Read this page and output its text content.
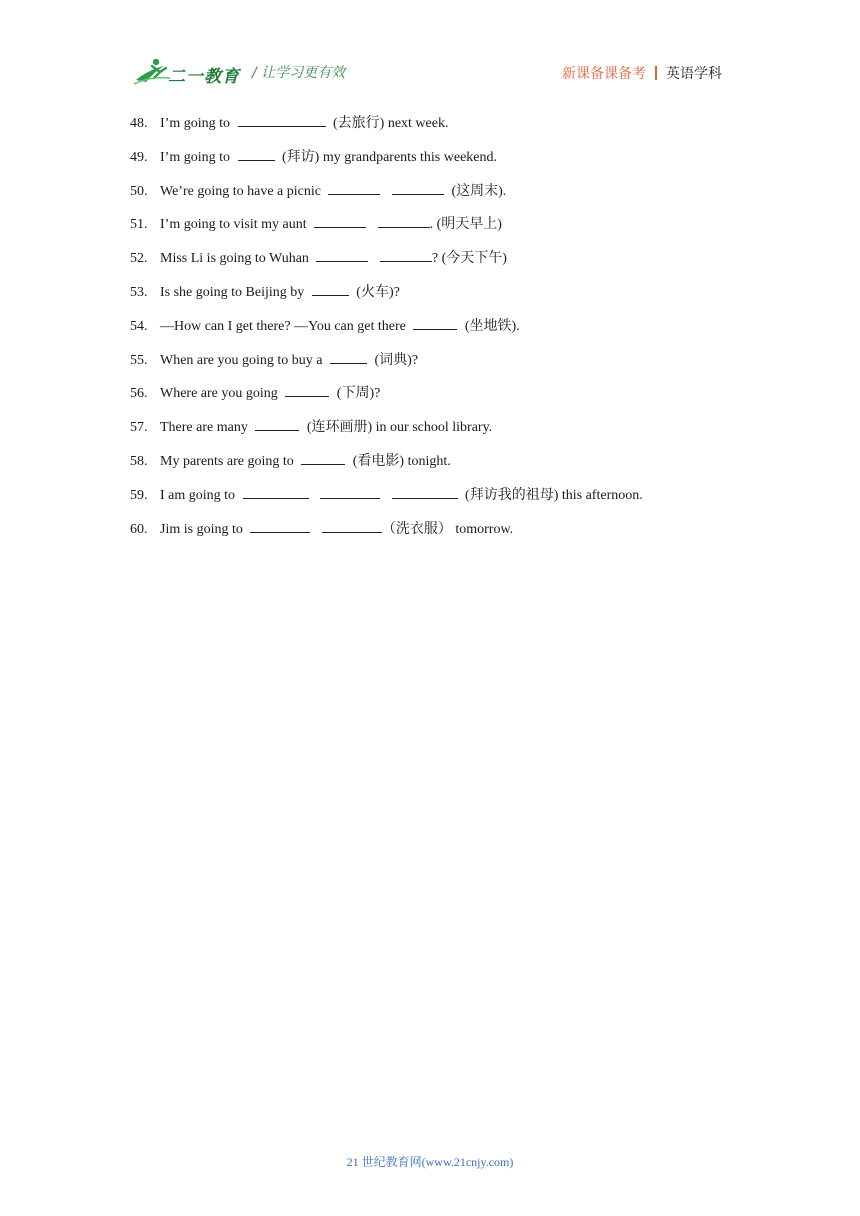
二一教育 / 让学习更有效	新课备课备考 英语学科
48. I’m going to	(去旅行) next week.
49. I’m going to	(拜访) my grandparents this weekend.
50. We’re going to have a picnic	(这周末).
51. I’m going to visit my aunt	. (明天早上)
52. Miss Li is going to Wuhan	? (今天下午)
53. Is she going to Beijing by	(火车)?
54. —How can I get there? —You can get there	(坐地铁).
55. When are you going to buy a	(词典)?
56. Where are you going	(下周)?
57. There are many	(连环画册) in our school library.
58. My parents are going to	(看电影) tonight.
59. I am going to	(拜访我的祖母) this afternoon.
60. Jim is going to	（洗衣服） tomorrow.
21 世纪教育网(www.21cnjy.com)
